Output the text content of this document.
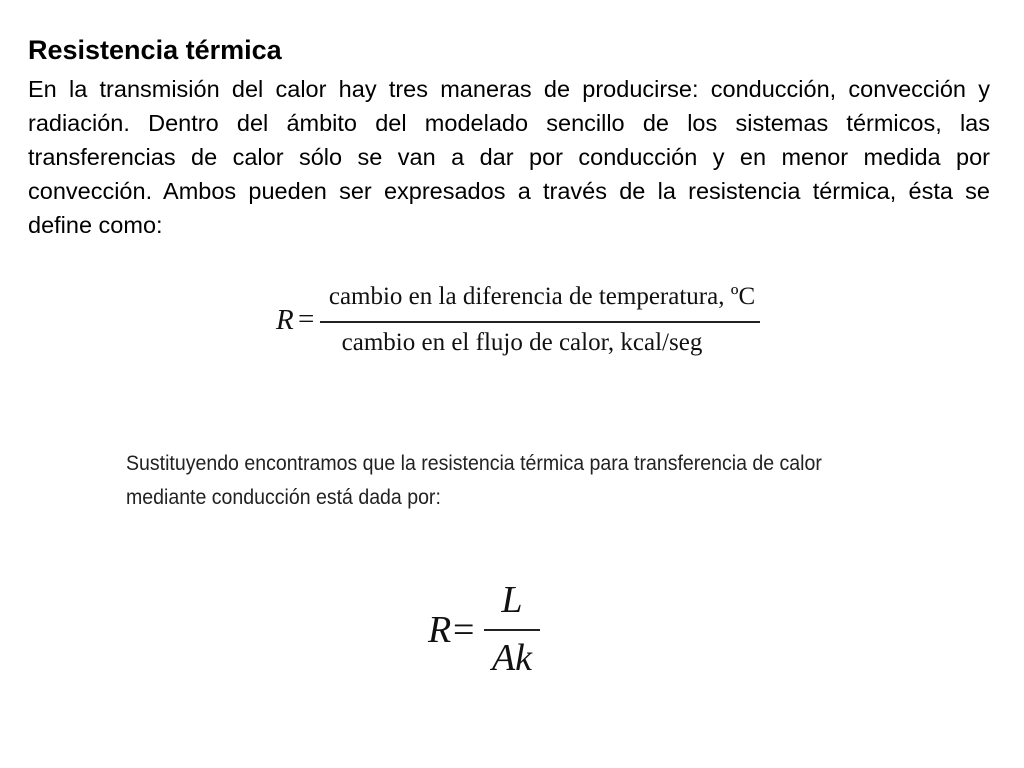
Resistencia térmica

En la transmisión del calor hay tres maneras de producirse: conducción, convección y radiación. Dentro del ámbito del modelado sencillo de los sistemas térmicos, las transferencias de calor sólo se van a dar por conducción y en menor medida por convección. Ambos pueden ser expresados a través de la resistencia térmica, ésta se define como:

R =
cambio en la diferencia de temperatura, ºC
cambio en el flujo de calor, kcal/seg

Sustituyendo encontramos que la resistencia térmica para transferencia de calor mediante conducción está dada por:

R =
L
Ak
